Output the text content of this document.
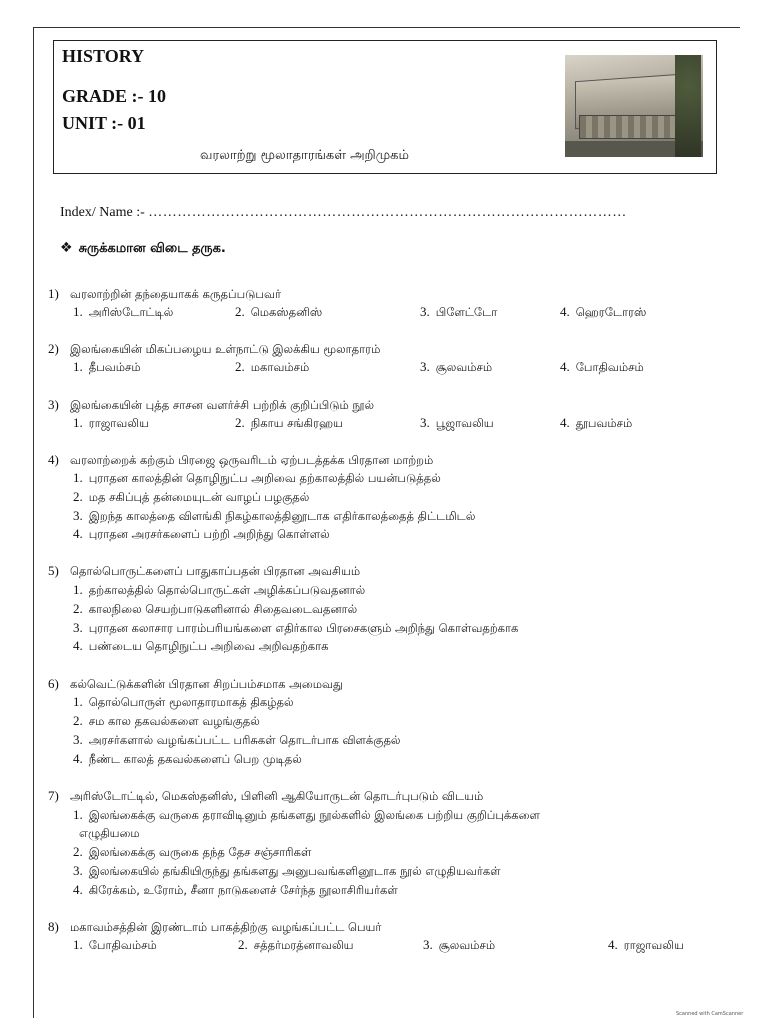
HISTORY
GRADE :- 10
UNIT :- 01
வரலாற்று மூலாதாரங்கள் அறிமுகம்
Index/ Name :- ………………………………………………………………………………………
❖ சுருக்கமான விடை தருக.
1) வரலாற்றின் தந்தையாகக் கருதப்படுபவர்
1. அரிஸ்டோட்டில்	2. மெகஸ்தனிஸ்	3. பிளேட்டோ	4. ஹெரடோரஸ்
2) இலங்கையின் மிகப்பழைய உள்நாட்டு இலக்கிய மூலாதாரம்
1. தீபவம்சம்	2. மகாவம்சம்	3. சூலவம்சம்	4. போதிவம்சம்
3) இலங்கையின் புத்த சாசன வளர்ச்சி பற்றிக் குறிப்பிடும் நூல்
1. ராஜாவலிய	2. நிகாய சங்கிரஹய	3. பூஜாவலிய	4. தூபவம்சம்
4) வரலாற்றைக் கற்கும் பிரஜை ஒருவரிடம் ஏற்படத்தக்க பிரதான மாற்றம்
1. புராதன காலத்தின் தொழிநுட்ப அறிவை தற்காலத்தில் பயன்படுத்தல்
2. மத சகிப்புத் தன்மையுடன் வாழப் பழகுதல்
3. இறந்த காலத்தை விளங்கி நிகழ்காலத்தினூடாக எதிர்காலத்தைத் திட்டமிடல்
4. புராதன அரசர்களைப் பற்றி அறிந்து கொள்ளல்
5) தொல்பொருட்களைப் பாதுகாப்பதன் பிரதான அவசியம்
1. தற்காலத்தில் தொல்பொருட்கள் அழிக்கப்படுவதனால்
2. காலநிலை செயற்பாடுகளினால் சிதைவடைவதனால்
3. புராதன கலாசார பாரம்பரியங்களை எதிர்கால பிரசைகளும் அறிந்து கொள்வதற்காக
4. பண்டைய தொழிநுட்ப அறிவை அறிவதற்காக
6) கல்வெட்டுக்களின் பிரதான சிறப்பம்சமாக அமைவது
1. தொல்பொருள் மூலாதாரமாகத் திகழ்தல்
2. சம கால தகவல்களை வழங்குதல்
3. அரசர்களால் வழங்கப்பட்ட பரிசுகள் தொடர்பாக விளக்குதல்
4. நீண்ட காலத் தகவல்களைப் பெற முடிதல்
7) அரிஸ்டோட்டில், மெகஸ்தனிஸ், பிளினி ஆகியோருடன் தொடர்புபடும் விடயம்
1. இலங்கைக்கு வருகை தராவிடினும் தங்களது நூல்களில் இலங்கை பற்றிய குறிப்புக்களை
எழுதியமை
2. இலங்கைக்கு வருகை தந்த தேச சஞ்சாரிகள்
3. இலங்கையில் தங்கியிருந்து தங்களது அனுபவங்களினூடாக நூல் எழுதியவர்கள்
4. கிரேக்கம், உரோம், சீனா நாடுகளைச் சேர்ந்த நூலாசிரியர்கள்
8) மகாவம்சத்தின் இரண்டாம் பாகத்திற்கு வழங்கப்பட்ட பெயர்
1. போதிவம்சம்	2. சத்தர்மரத்னாவலிய	3. சூலவம்சம்	4. ராஜாவலிய
Scanned with CamScanner
